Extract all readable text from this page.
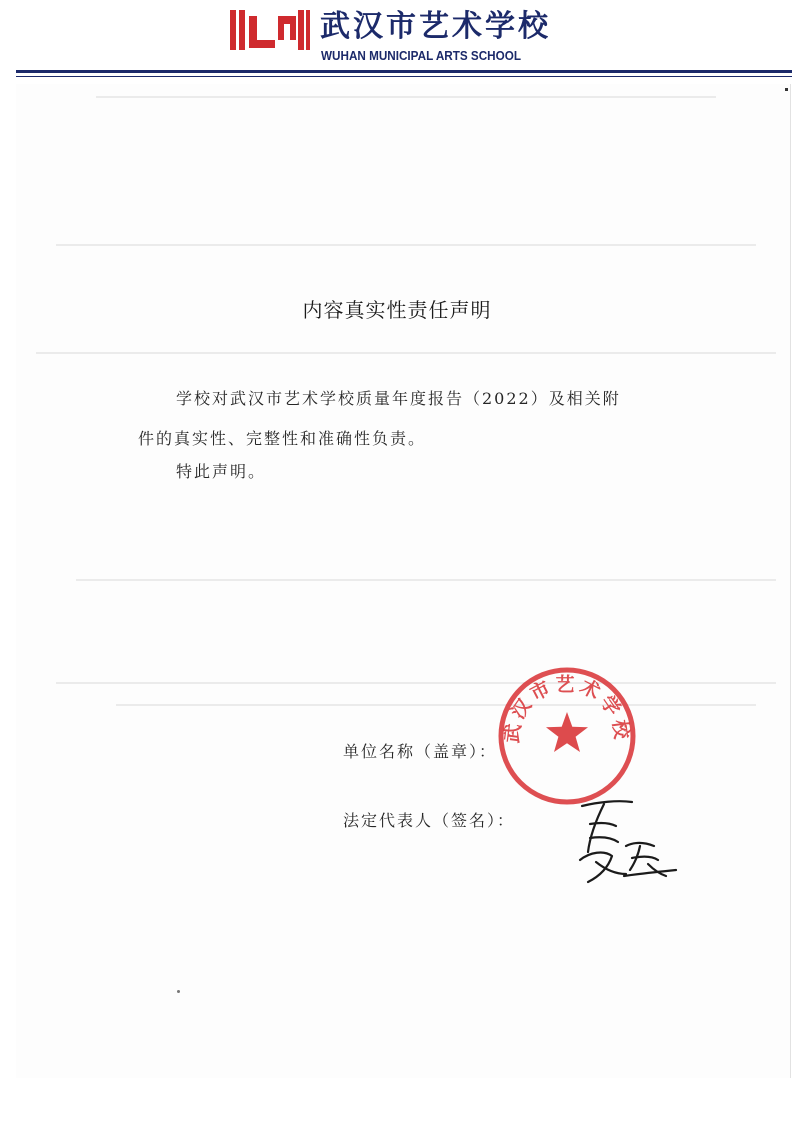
武汉市艺术学校
WUHAN MUNICIPAL ARTS SCHOOL
内容真实性责任声明
学校对武汉市艺术学校质量年度报告（2022）及相关附
件的真实性、完整性和准确性负责。
特此声明。
单位名称（盖章）：
法定代表人（签名）：
武汉市艺术学校
